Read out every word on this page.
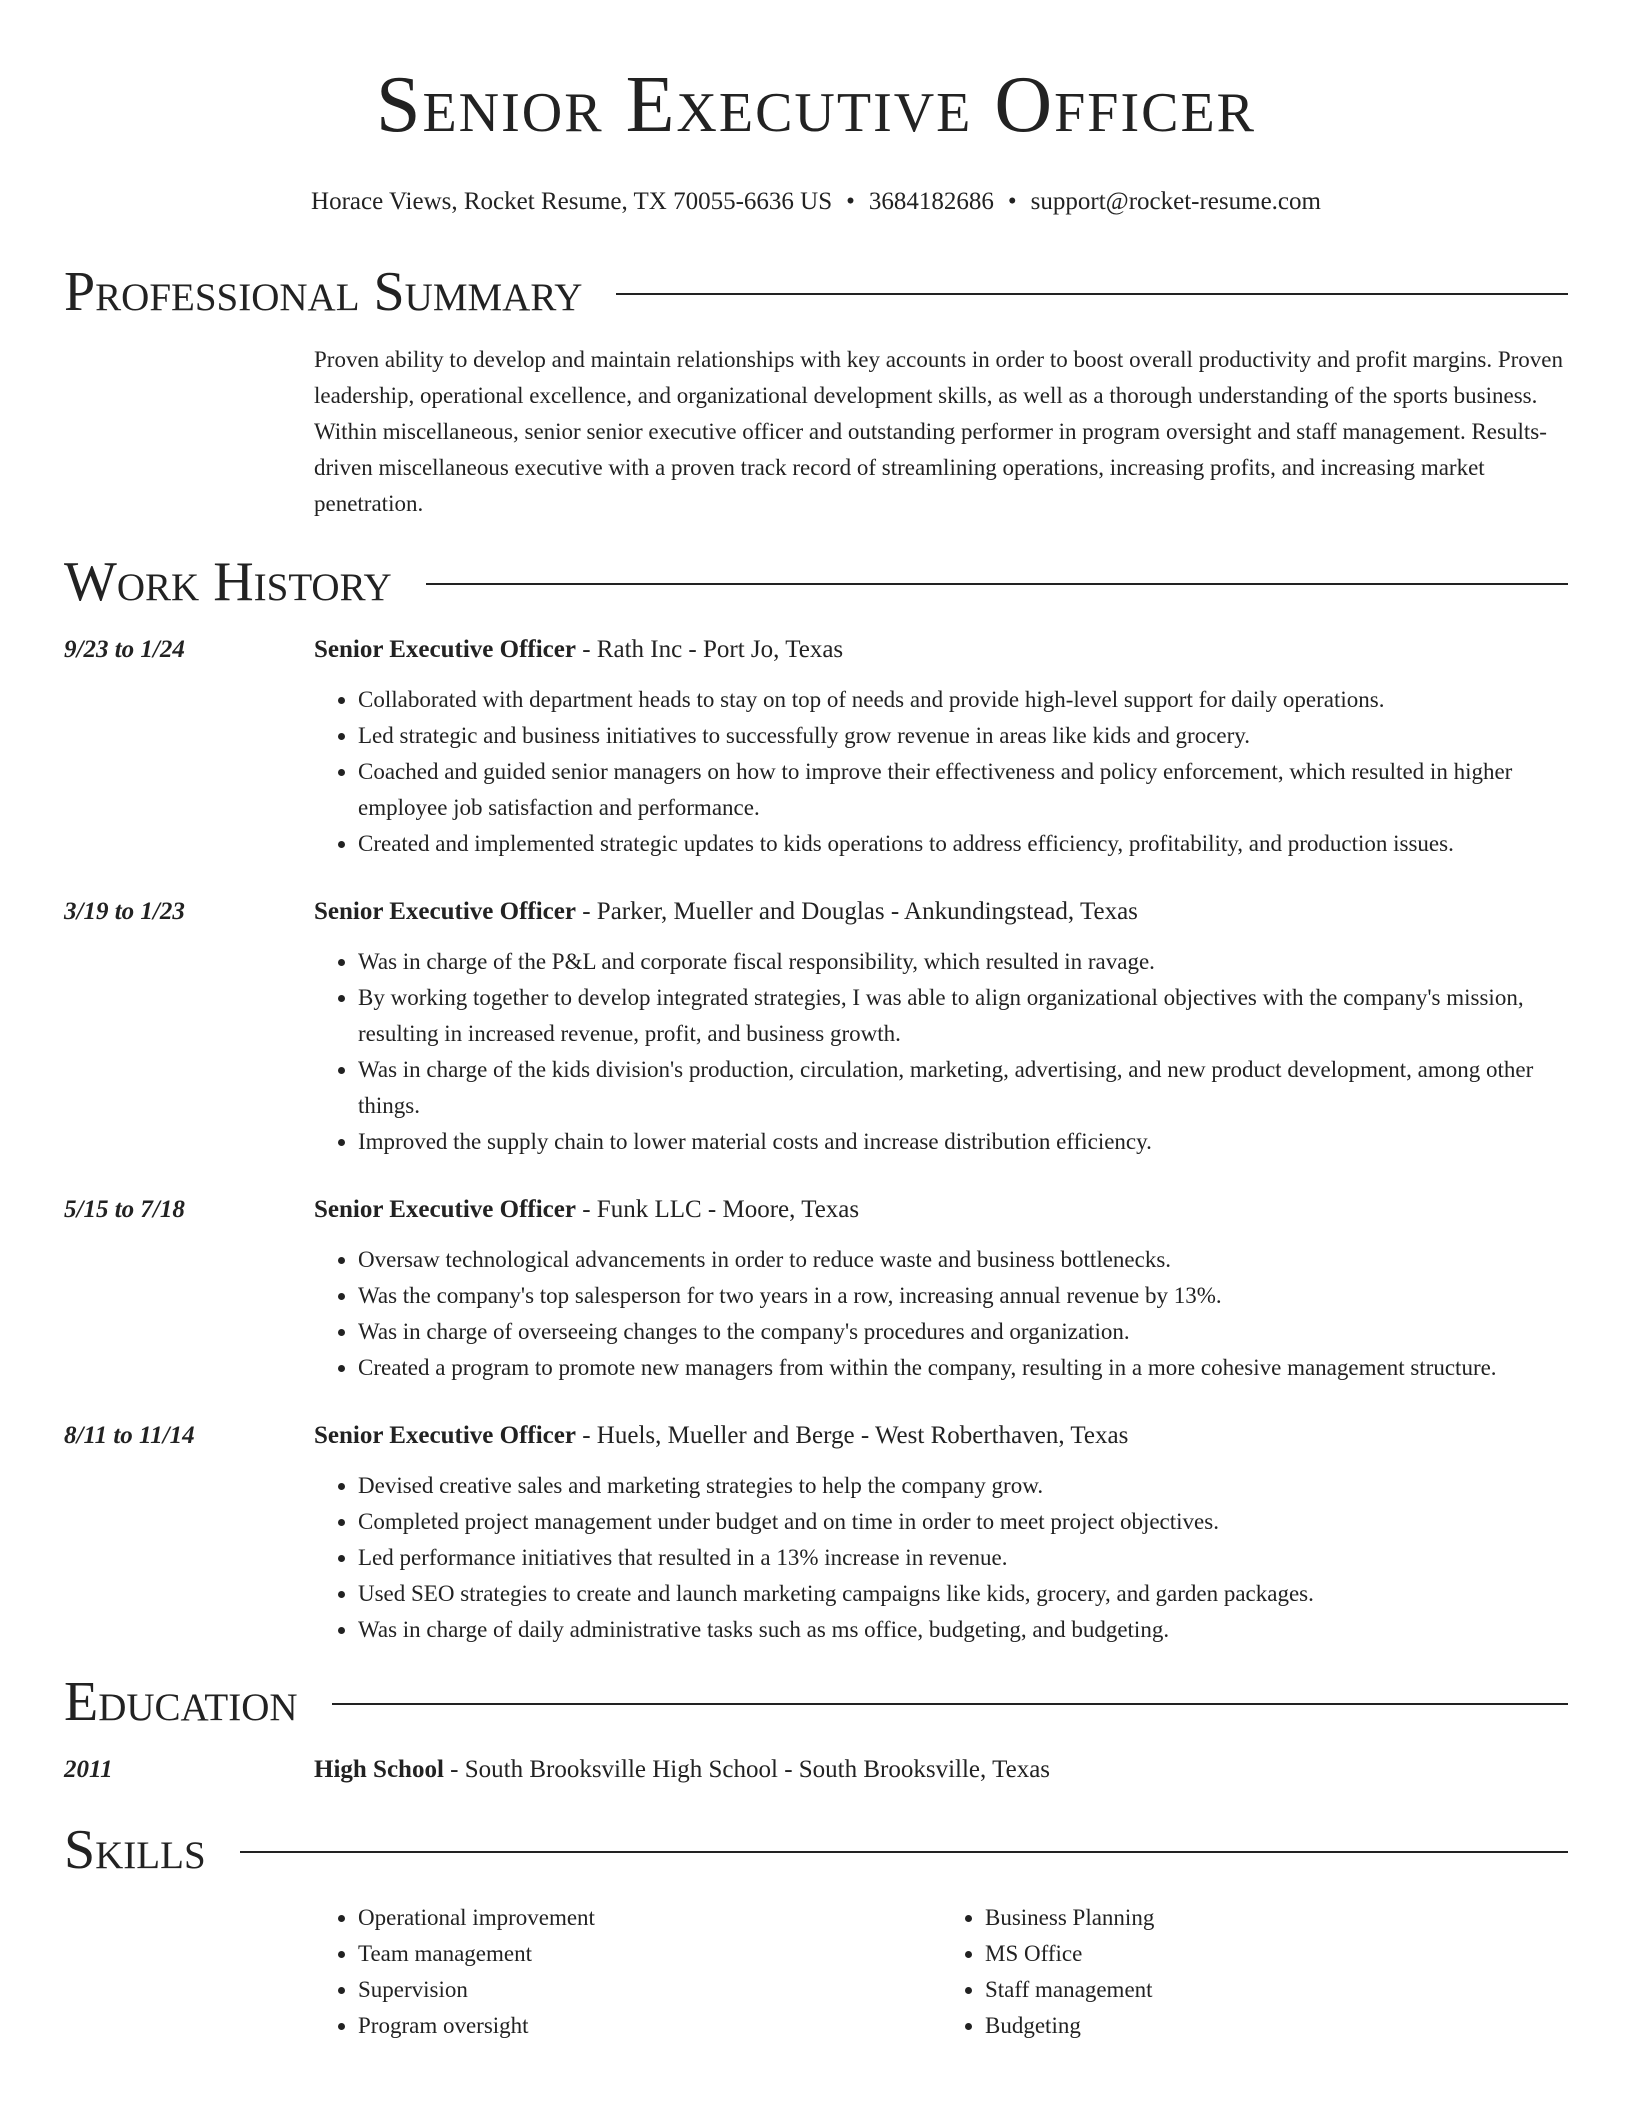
Senior Executive Officer
Horace Views, Rocket Resume, TX 70055-6636 US • 3684182686 • support@rocket-resume.com
Professional Summary
Proven ability to develop and maintain relationships with key accounts in order to boost overall productivity and profit margins. Proven leadership, operational excellence, and organizational development skills, as well as a thorough understanding of the sports business. Within miscellaneous, senior senior executive officer and outstanding performer in program oversight and staff management. Results-driven miscellaneous executive with a proven track record of streamlining operations, increasing profits, and increasing market penetration.
Work History
9/23 to 1/24	Senior Executive Officer - Rath Inc - Port Jo, Texas
• Collaborated with department heads to stay on top of needs and provide high-level support for daily operations.
• Led strategic and business initiatives to successfully grow revenue in areas like kids and grocery.
• Coached and guided senior managers on how to improve their effectiveness and policy enforcement, which resulted in higher employee job satisfaction and performance.
• Created and implemented strategic updates to kids operations to address efficiency, profitability, and production issues.
3/19 to 1/23	Senior Executive Officer - Parker, Mueller and Douglas - Ankundingstead, Texas
• Was in charge of the P&L and corporate fiscal responsibility, which resulted in ravage.
• By working together to develop integrated strategies, I was able to align organizational objectives with the company's mission, resulting in increased revenue, profit, and business growth.
• Was in charge of the kids division's production, circulation, marketing, advertising, and new product development, among other things.
• Improved the supply chain to lower material costs and increase distribution efficiency.
5/15 to 7/18	Senior Executive Officer - Funk LLC - Moore, Texas
• Oversaw technological advancements in order to reduce waste and business bottlenecks.
• Was the company's top salesperson for two years in a row, increasing annual revenue by 13%.
• Was in charge of overseeing changes to the company's procedures and organization.
• Created a program to promote new managers from within the company, resulting in a more cohesive management structure.
8/11 to 11/14	Senior Executive Officer - Huels, Mueller and Berge - West Roberthaven, Texas
• Devised creative sales and marketing strategies to help the company grow.
• Completed project management under budget and on time in order to meet project objectives.
• Led performance initiatives that resulted in a 13% increase in revenue.
• Used SEO strategies to create and launch marketing campaigns like kids, grocery, and garden packages.
• Was in charge of daily administrative tasks such as ms office, budgeting, and budgeting.
Education
2011	High School - South Brooksville High School - South Brooksville, Texas
Skills
• Operational improvement
• Team management
• Supervision
• Program oversight
• Business Planning
• MS Office
• Staff management
• Budgeting
